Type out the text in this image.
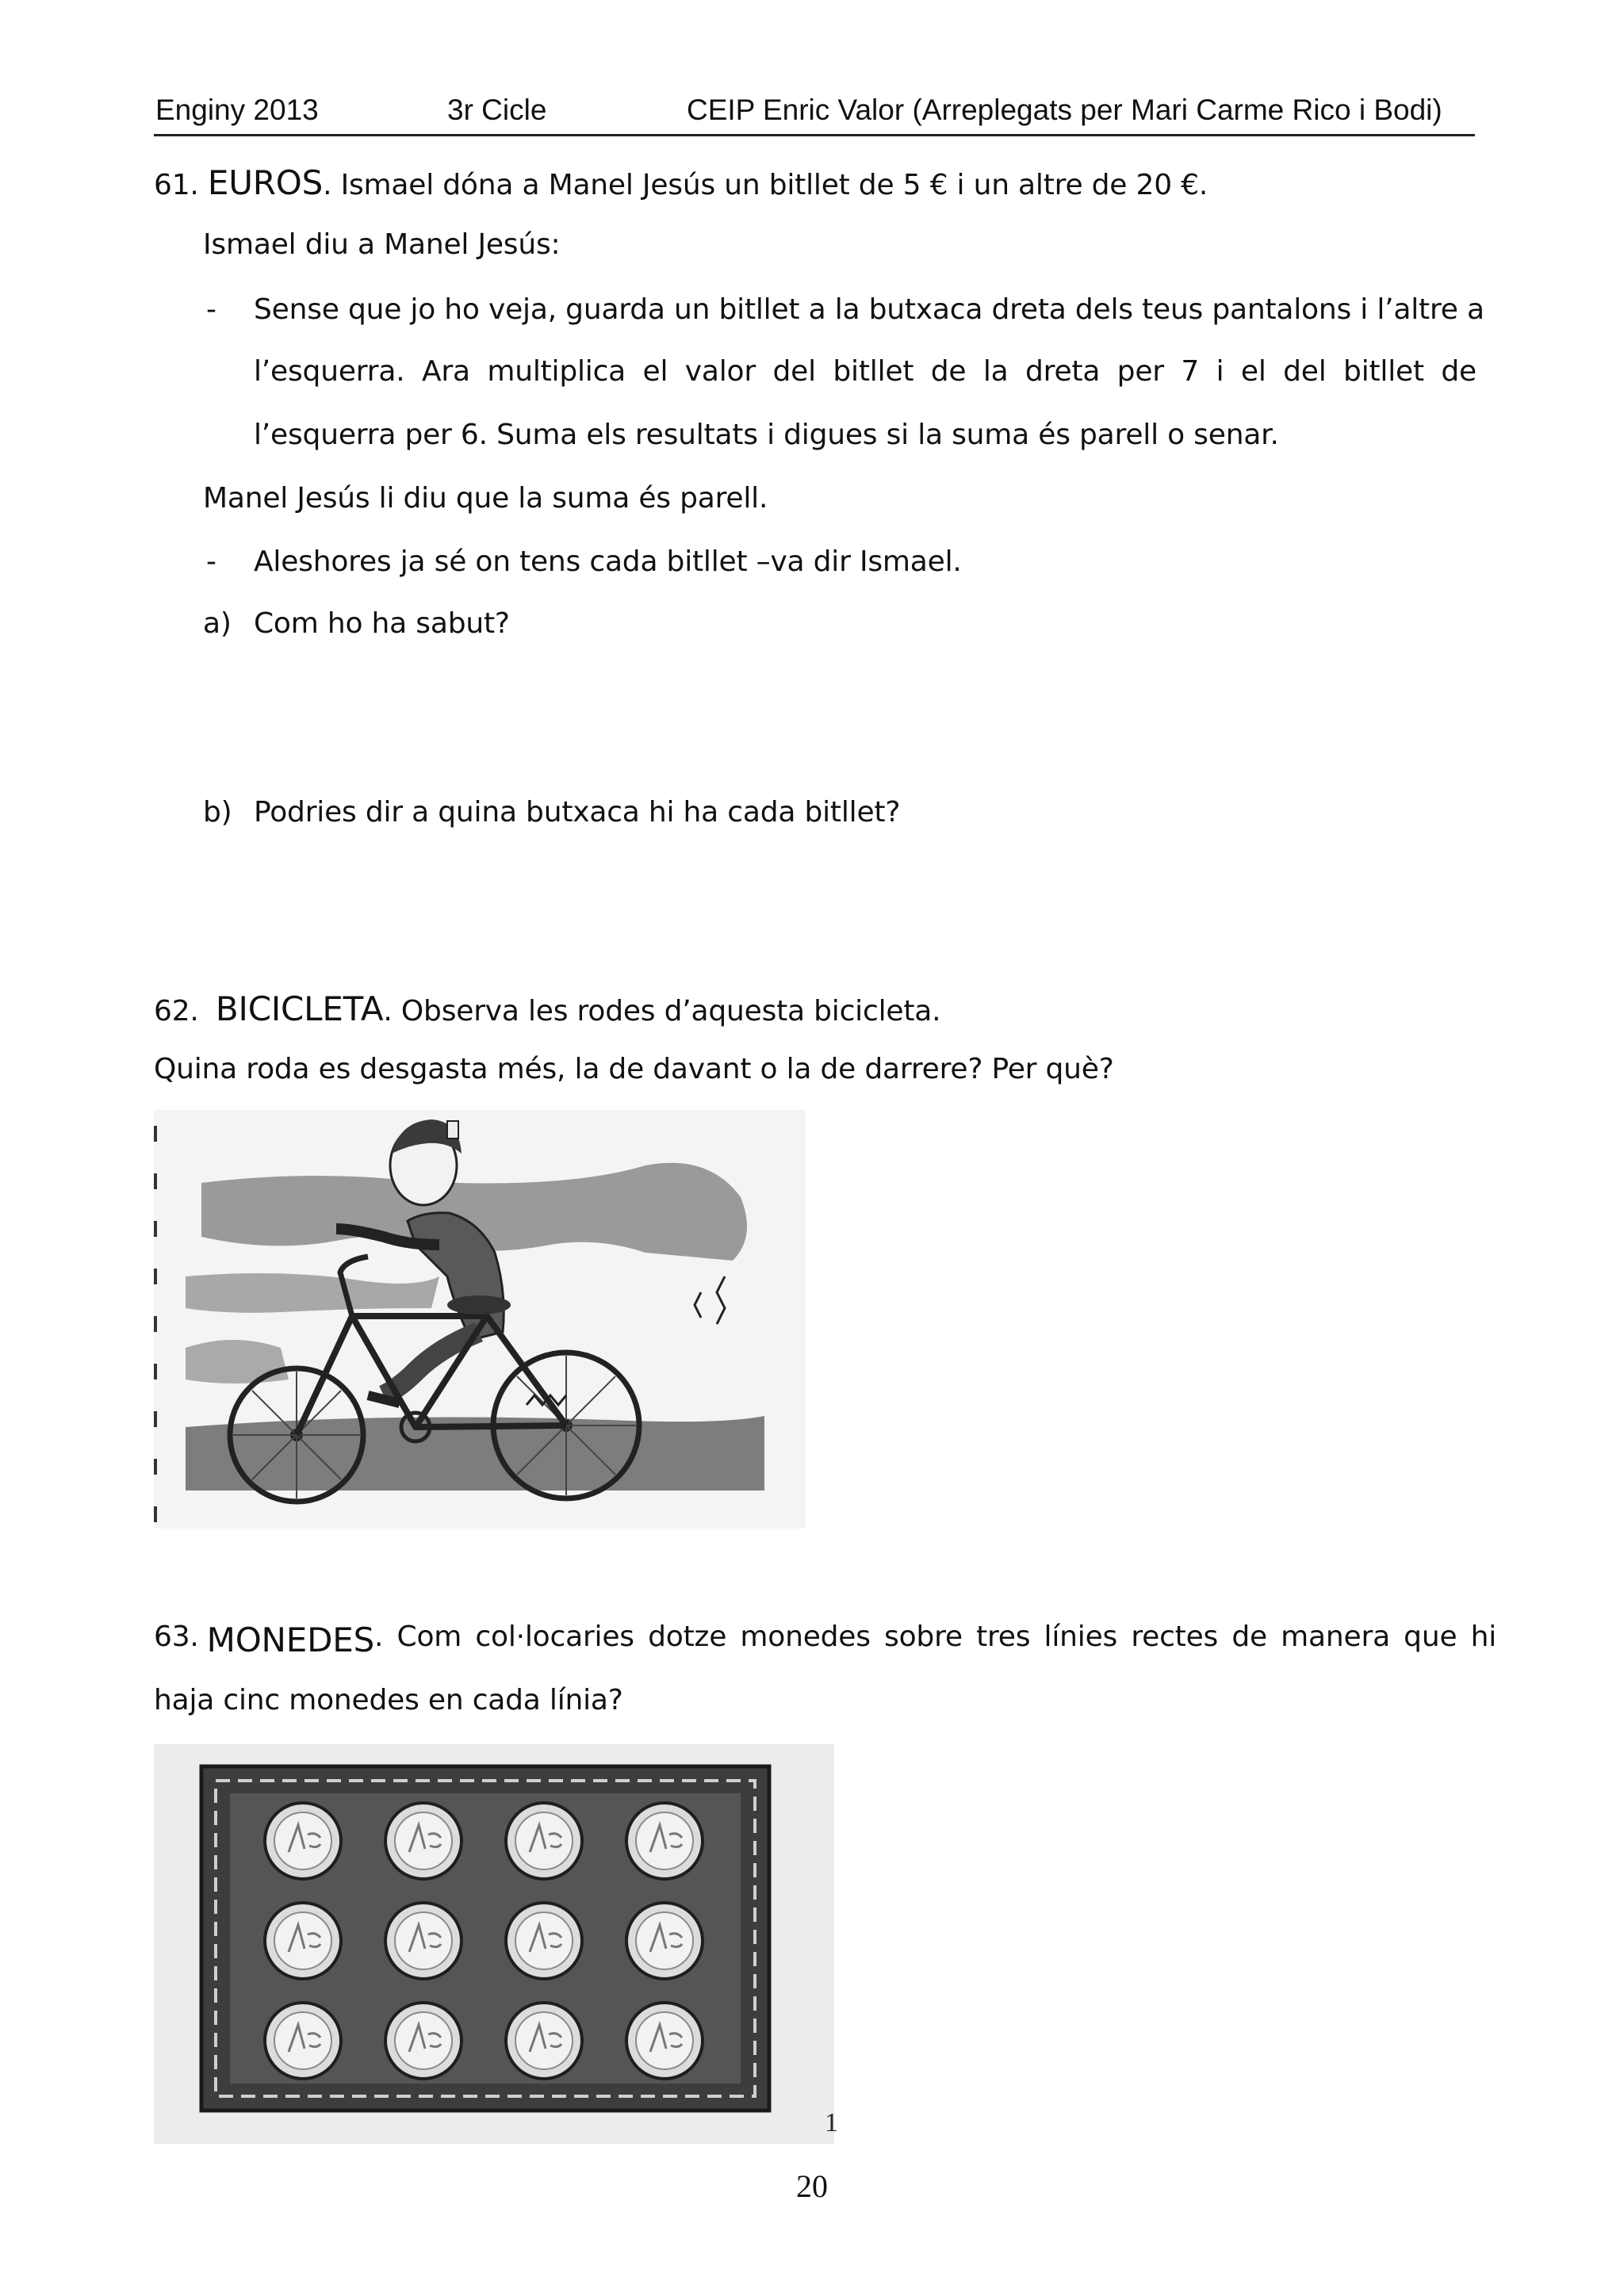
Enginy 2013	3r Cicle	CEIP Enric Valor (Arreplegats per Mari Carme Rico i Bodi)
61. EUROS. Ismael dóna a Manel Jesús un bitllet de 5 € i un altre de 20 €.
Ismael diu a Manel Jesús:
- Sense que jo ho veja, guarda un bitllet a la butxaca dreta dels teus pantalons i l’altre a
l’esquerra. Ara multiplica el valor del bitllet de la dreta per 7 i el del bitllet de
l’esquerra per 6. Suma els resultats i digues si la suma és parell o senar.
Manel Jesús li diu que la suma és parell.
- Aleshores ja sé on tens cada bitllet –va dir Ismael.
a) Com ho ha sabut?
b) Podries dir a quina butxaca hi ha cada bitllet?
62. BICICLETA. Observa les rodes d’aquesta bicicleta.
Quina roda es desgasta més, la de davant o la de darrere? Per què?
63. MONEDES . Com col·locaries dotze monedes sobre tres línies rectes de manera que hi
haja cinc monedes en cada línia?
1
20
